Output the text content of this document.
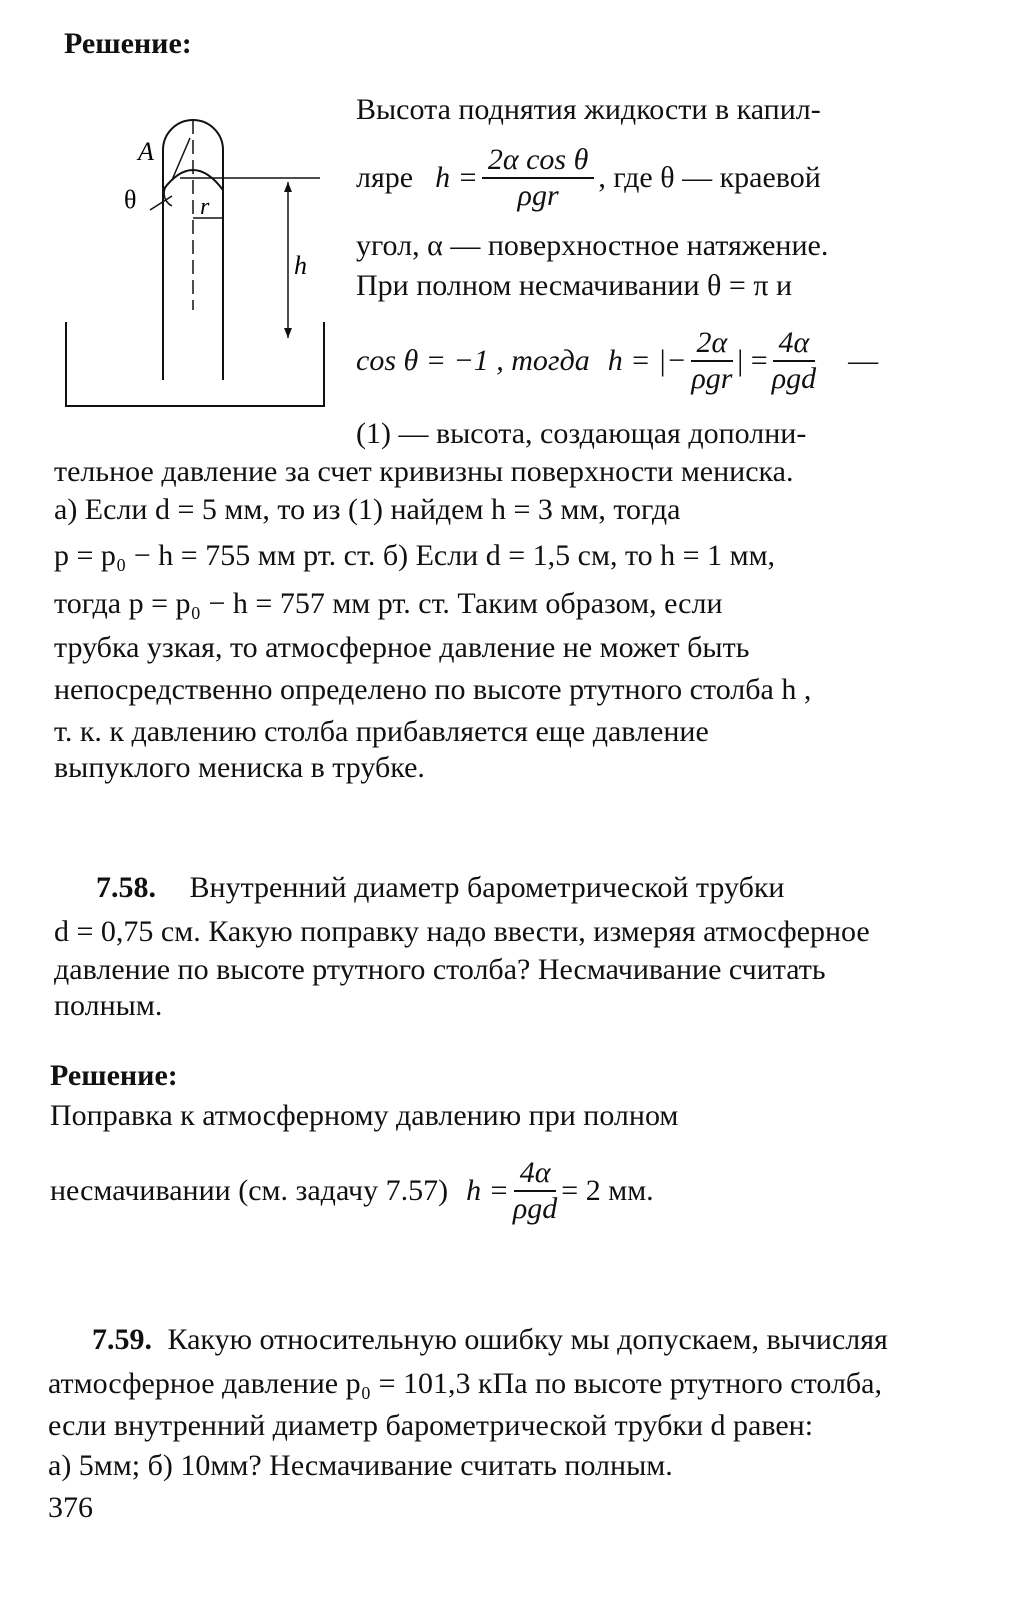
Решение:
A
θ	r
h
Высота поднятия жидкости в капил-
ляре $h = \frac{\text{2α cos θ}}{\text{ρgr}}$ , где θ — краевой
угол, α — поверхностное натяжение.
При полном несмачивании θ = π и
cos θ = −1 , тогда h = |− $\frac{2\alpha}{\text{ρgr}}$ | = $\frac{4\alpha}{\text{ρgd}}$ —
(1) — высота, создающая дополни-
тельное давление за счет кривизны поверхности мениска.
а) Если d = 5 мм, то из (1) найдем h = 3 мм, тогда
p = p₀ − h = 755 мм рт. ст. б) Если d = 1,5 см, то h = 1 мм,
тогда p = p₀ − h = 757 мм рт. ст. Таким образом, если
трубка узкая, то атмосферное давление не может быть
непосредственно определено по высоте ртутного столба h ,
т. к. к давлению столба прибавляется еще давление
выпуклого мениска в трубке.
7.58. Внутренний диаметр барометрической трубки
d = 0,75 см. Какую поправку надо ввести, измеряя атмосферное
давление по высоте ртутного столба? Несмачивание считать
полным.
Решение:
Поправка к атмосферному давлению при полном
несмачивании (см. задачу 7.57) $h = \frac{4\alpha}{\text{ρgd}} = 2$ мм.
7.59. Какую относительную ошибку мы допускаем, вычисляя
атмосферное давление p₀ = 101,3 кПа по высоте ртутного столба,
если внутренний диаметр барометрической трубки d равен:
а) 5мм; б) 10мм? Несмачивание считать полным.
376
